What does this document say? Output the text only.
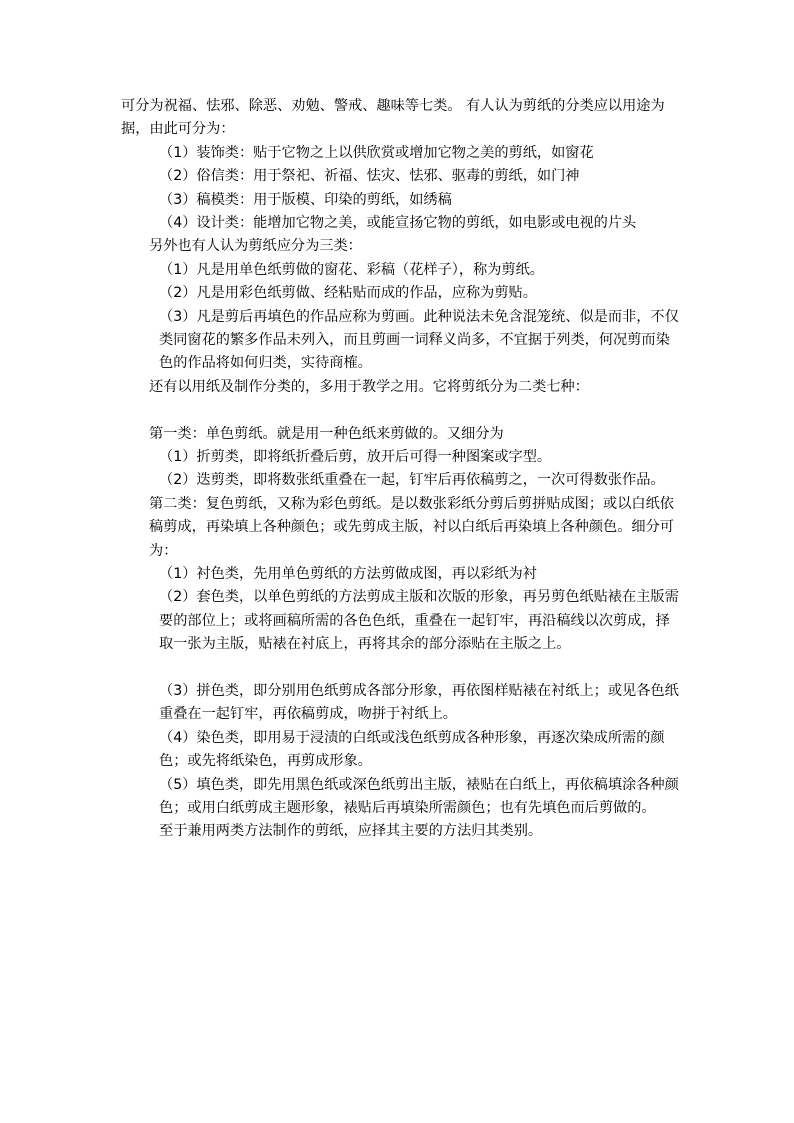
可分为祝福、怯邪、除恶、劝勉、警戒、趣味等七类。 有人认为剪纸的分类应以用途为据，由此可分为：

（1）装饰类：贴于它物之上以供欣赏或增加它物之美的剪纸，如窗花

（2）俗信类：用于祭祀、祈福、怯灾、怯邪、驱毒的剪纸，如门神

（3）稿模类：用于版模、印染的剪纸，如绣稿

（4）设计类：能增加它物之美，或能宣扬它物的剪纸，如电影或电视的片头

另外也有人认为剪纸应分为三类：

（1）凡是用单色纸剪做的窗花、彩稿（花样子），称为剪纸。

（2）凡是用彩色纸剪做、经粘贴而成的作品，应称为剪贴。

（3）凡是剪后再填色的作品应称为剪画。此种说法未免含混笼统、似是而非，不仅类同窗花的繁多作品未列入，而且剪画一词释义尚多，不宜据于列类，何况剪而染色的作品将如何归类，实待商榷。

还有以用纸及制作分类的，多用于教学之用。它将剪纸分为二类七种：

第一类：单色剪纸。就是用一种色纸来剪做的。又细分为

（1）折剪类，即将纸折叠后剪，放开后可得一种图案或字型。

（2）迭剪类，即将数张纸重叠在一起，钉牢后再依稿剪之，一次可得数张作品。

第二类：复色剪纸，又称为彩色剪纸。是以数张彩纸分剪后剪拼贴成图；或以白纸依稿剪成，再染填上各种颜色；或先剪成主版，衬以白纸后再染填上各种颜色。细分可为：

（1）衬色类，先用单色剪纸的方法剪做成图，再以彩纸为衬

（2）套色类，以单色剪纸的方法剪成主版和次版的形象，再另剪色纸贴裱在主版需要的部位上；或将画稿所需的各色色纸，重叠在一起钉牢，再沿稿线以次剪成，择取一张为主版，贴裱在衬底上，再将其余的部分添贴在主版之上。

（3）拼色类，即分别用色纸剪成各部分形象，再依图样贴裱在衬纸上；或见各色纸重叠在一起钉牢，再依稿剪成，吻拼于衬纸上。

（4）染色类，即用易于浸渍的白纸或浅色纸剪成各种形象，再逐次染成所需的颜色；或先将纸染色，再剪成形象。

（5）填色类，即先用黑色纸或深色纸剪出主版，裱贴在白纸上，再依稿填涂各种颜色；或用白纸剪成主题形象，裱贴后再填染所需颜色；也有先填色而后剪做的。

至于兼用两类方法制作的剪纸，应择其主要的方法归其类别。
